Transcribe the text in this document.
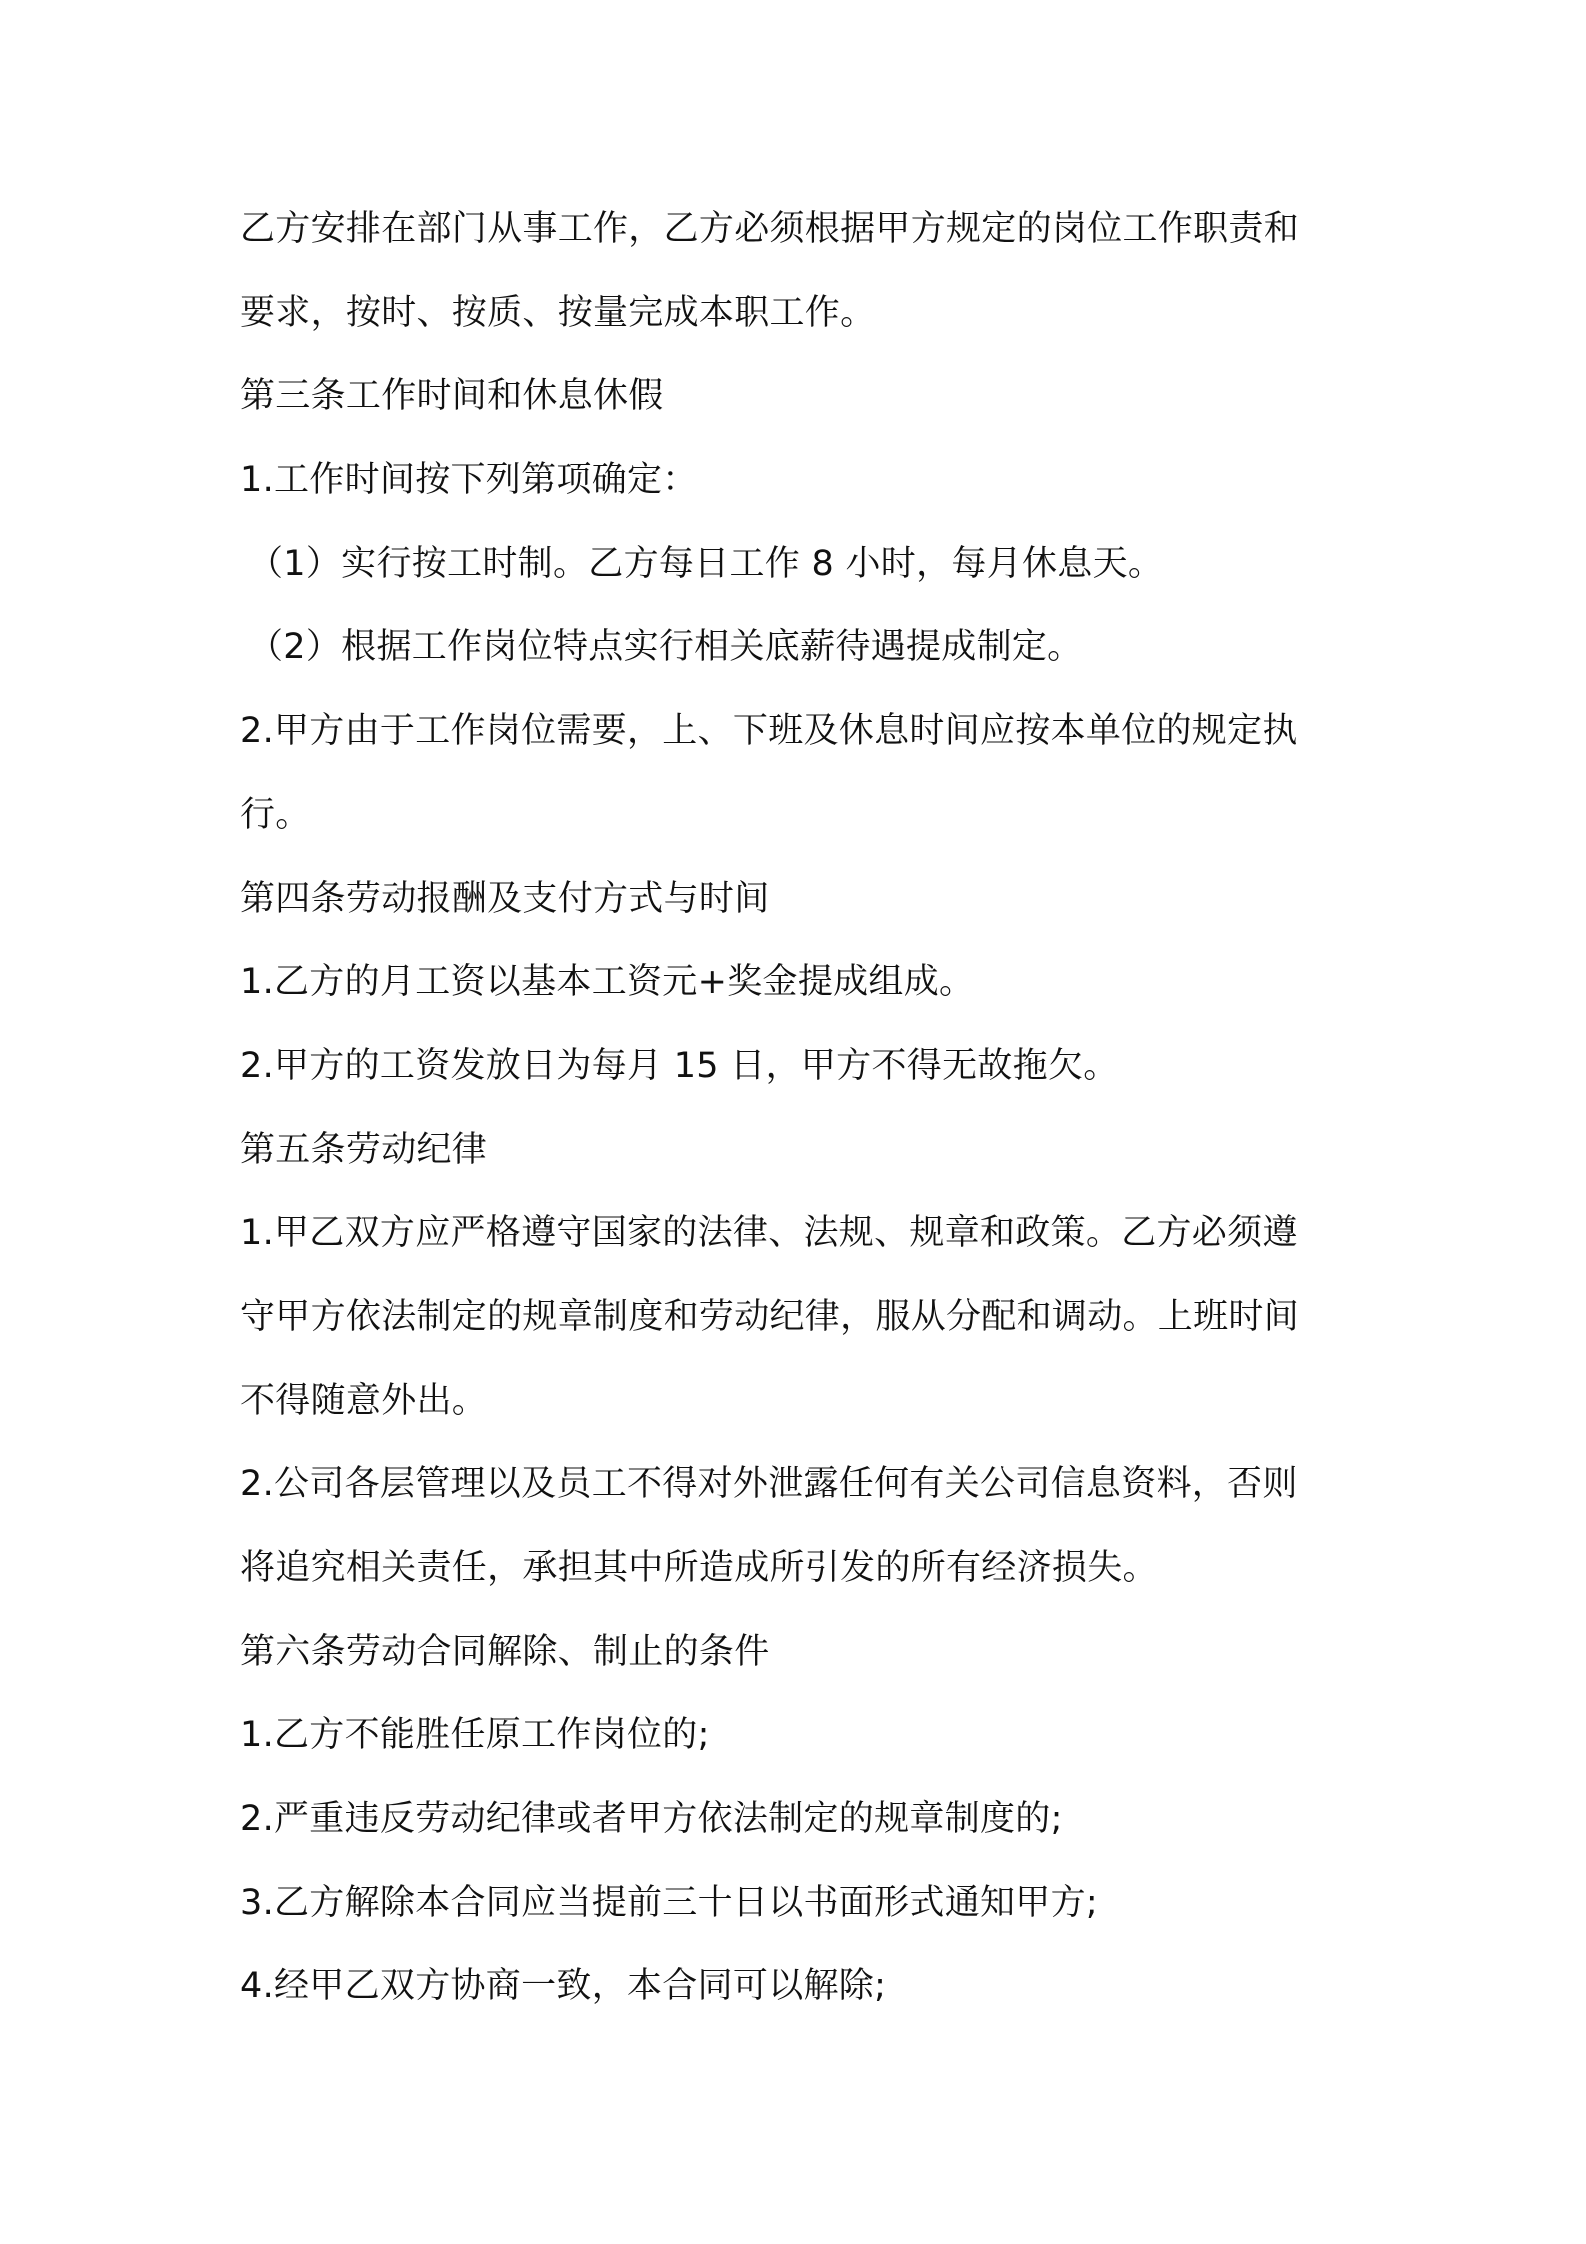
乙方安排在部门从事工作，乙方必须根据甲方规定的岗位工作职责和
要求，按时、按质、按量完成本职工作。
第三条工作时间和休息休假
1.工作时间按下列第项确定：
（1）实行按工时制。乙方每日工作 8 小时，每月休息天。
（2）根据工作岗位特点实行相关底薪待遇提成制定。
2.甲方由于工作岗位需要，上、下班及休息时间应按本单位的规定执
行。
第四条劳动报酬及支付方式与时间
1.乙方的月工资以基本工资元+奖金提成组成。
2.甲方的工资发放日为每月 15 日，甲方不得无故拖欠。
第五条劳动纪律
1.甲乙双方应严格遵守国家的法律、法规、规章和政策。乙方必须遵
守甲方依法制定的规章制度和劳动纪律，服从分配和调动。上班时间
不得随意外出。
2.公司各层管理以及员工不得对外泄露任何有关公司信息资料，否则
将追究相关责任，承担其中所造成所引发的所有经济损失。
第六条劳动合同解除、制止的条件
1.乙方不能胜任原工作岗位的;
2.严重违反劳动纪律或者甲方依法制定的规章制度的;
3.乙方解除本合同应当提前三十日以书面形式通知甲方;
4.经甲乙双方协商一致，本合同可以解除;
